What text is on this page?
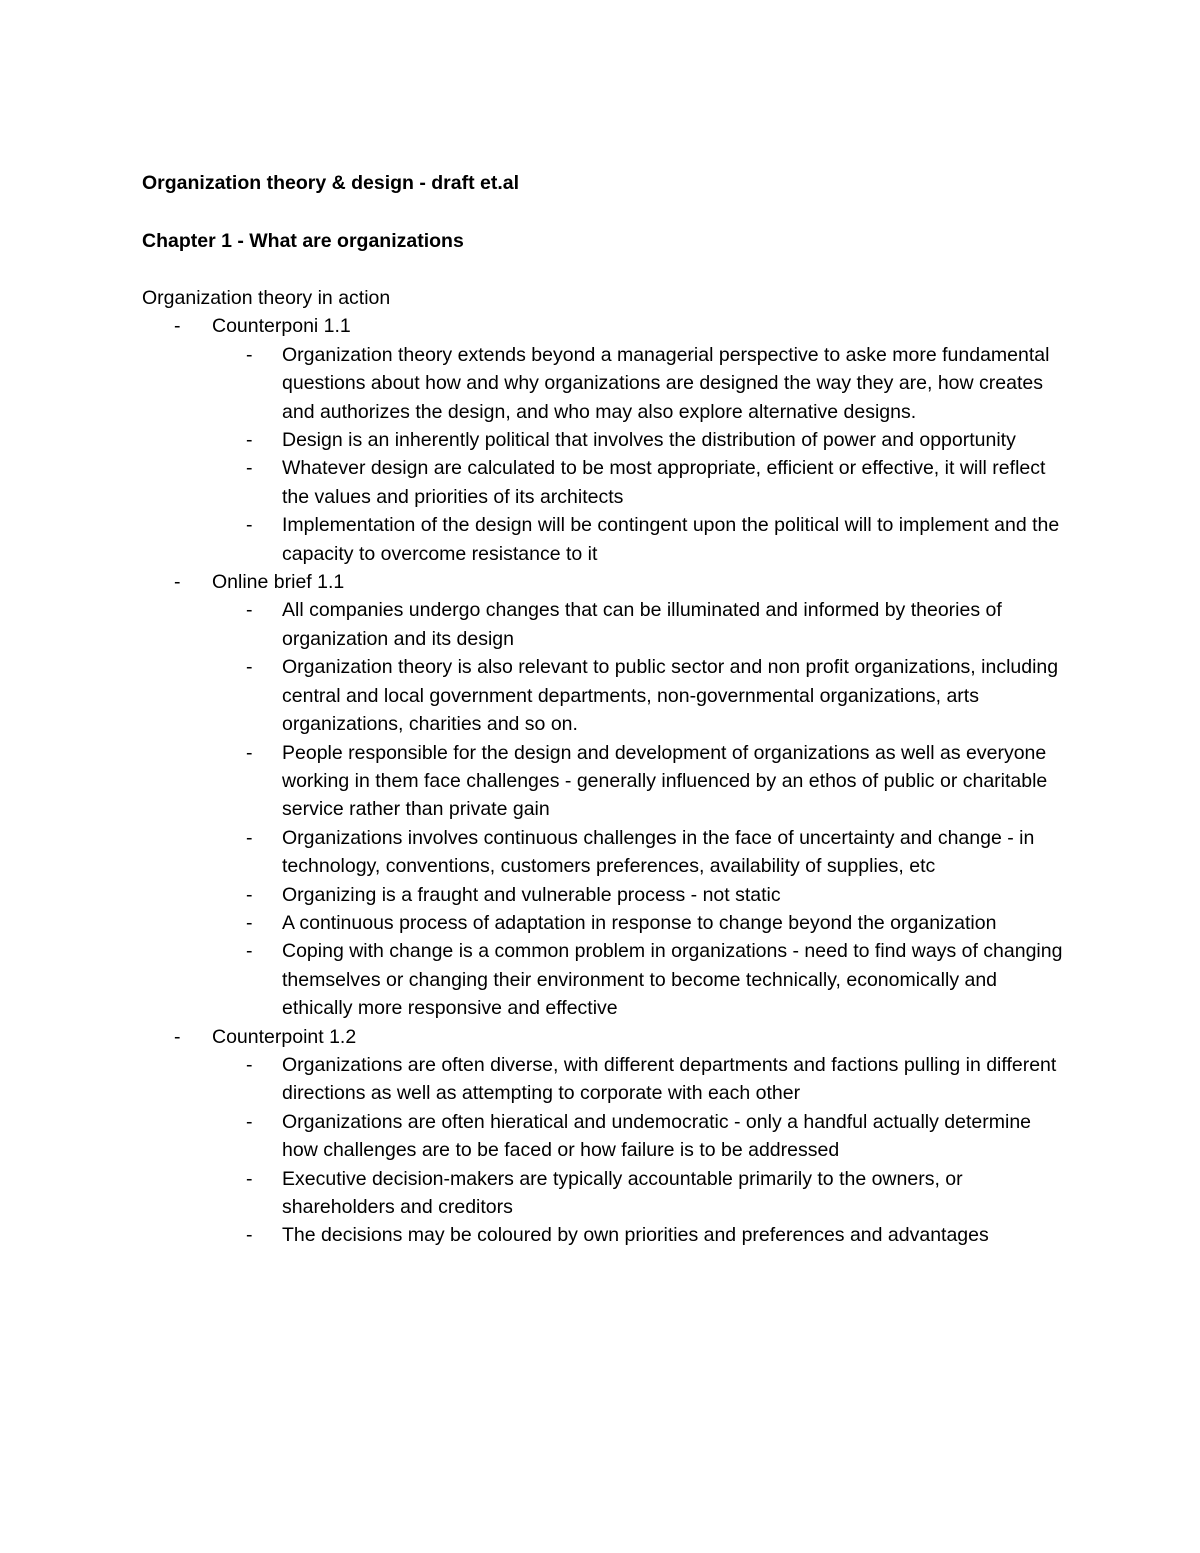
Organization theory & design - draft et.al
Chapter 1 - What are organizations
Organization theory in action
-	Counterponi 1.1
-	Organization theory extends beyond a managerial perspective to aske more fundamental questions about how and why organizations are designed the way they are, how creates and authorizes the design, and who may also explore alternative designs.
-	Design is an inherently political that involves the distribution of power and opportunity
-	Whatever design are calculated to be most appropriate, efficient or effective, it will reflect the values and priorities of its architects
-	Implementation of the design will be contingent upon the political will to implement and the capacity to overcome resistance to it
-	Online brief 1.1
-	All companies undergo changes that can be illuminated and informed by theories of organization and its design
-	Organization theory is also relevant to public sector and non profit organizations, including central and local government departments, non-governmental organizations, arts organizations, charities and so on.
-	People responsible for the design and development of organizations as well as everyone working in them face challenges - generally influenced by an ethos of public or charitable service rather than private gain
-	Organizations involves continuous challenges in the face of uncertainty and change - in technology, conventions, customers preferences, availability of supplies, etc
-	Organizing is a fraught and vulnerable process - not static
-	A continuous process of adaptation in response to change beyond the organization
-	Coping with change is a common problem in organizations - need to find ways of changing themselves or changing their environment to become technically, economically and ethically more responsive and effective
-	Counterpoint 1.2
-	Organizations are often diverse, with different departments and factions pulling in different directions as well as attempting to corporate with each other
-	Organizations are often hieratical and undemocratic - only a handful actually determine how challenges are to be faced or how failure is to be addressed
-	Executive decision-makers are typically accountable primarily to the owners, or shareholders and creditors
-	The decisions may be coloured by own priorities and preferences and advantages
